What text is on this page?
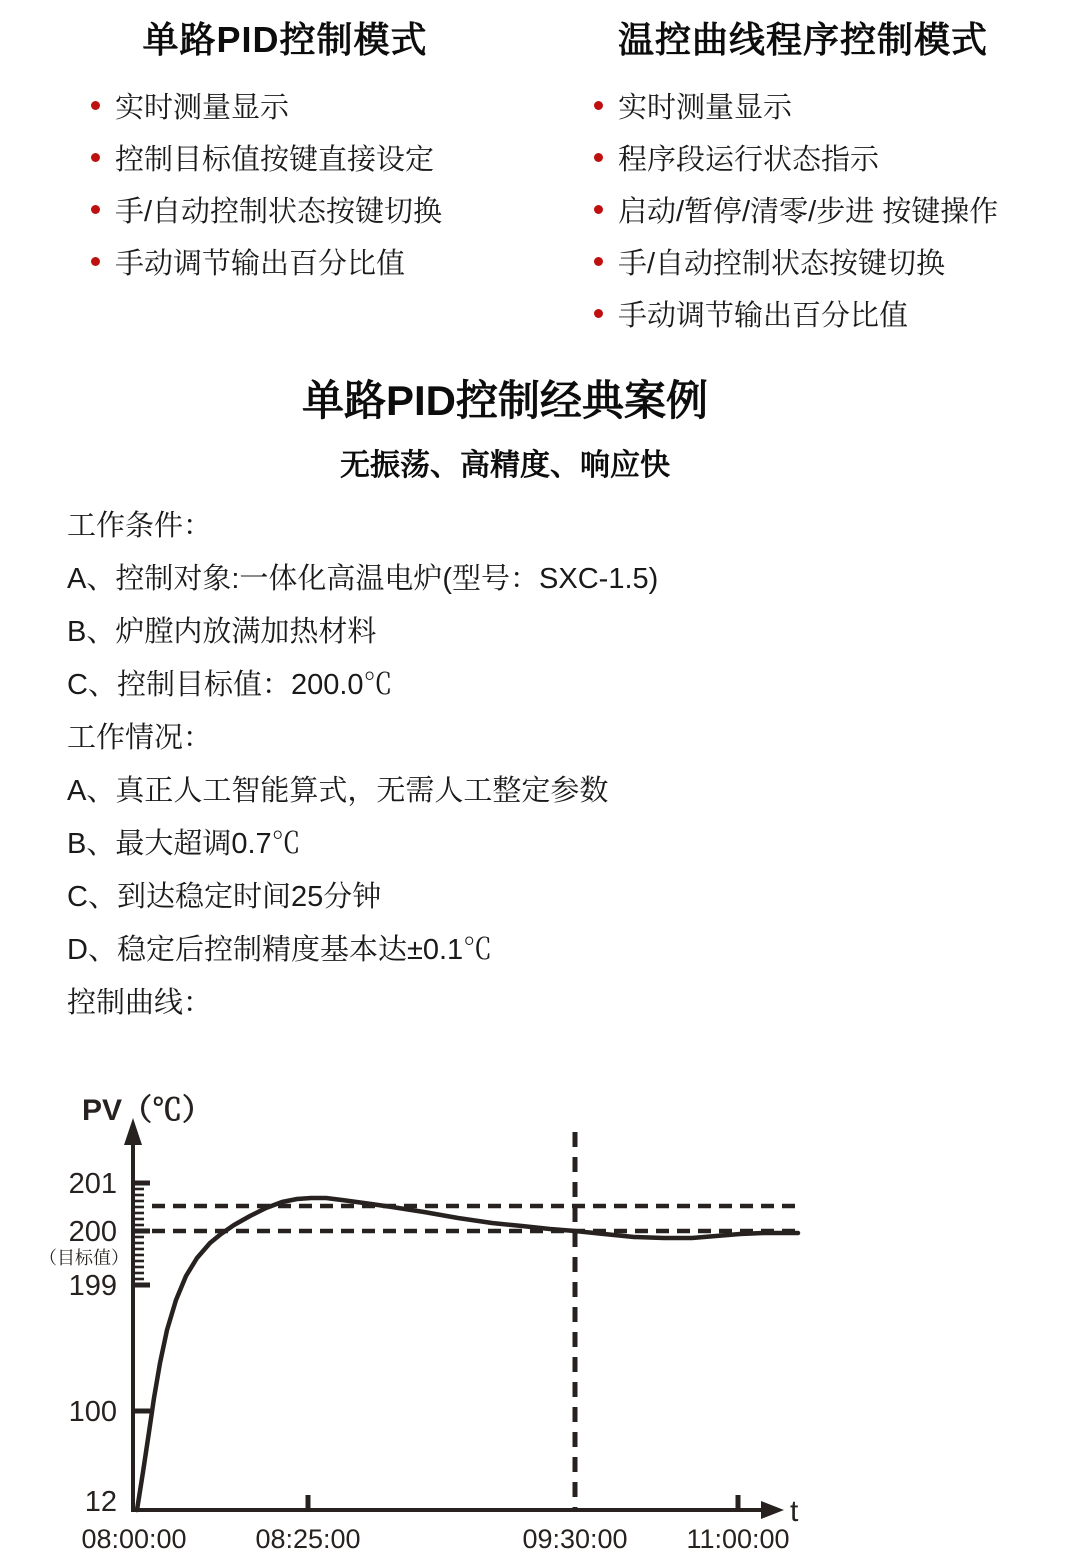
单路PID控制模式
实时测量显示
控制目标值按键直接设定
手/自动控制状态按键切换
手动调节输出百分比值
温控曲线程序控制模式
实时测量显示
程序段运行状态指示
启动/暂停/清零/步进 按键操作
手/自动控制状态按键切换
手动调节输出百分比值
单路PID控制经典案例
无振荡、高精度、响应快
工作条件：
A、控制对象:一体化高温电炉(型号：SXC-1.5)
B、炉膛内放满加热材料
C、控制目标值：200.0℃
工作情况：
A、真正人工智能算式，无需人工整定参数
B、最大超调0.7℃
C、到达稳定时间25分钟
D、稳定后控制精度基本达±0.1℃
控制曲线：
201
200
（目标值）
199
100
12
08:00:00	08:25:00	09:30:00 11:00:00
PV（℃）
t
